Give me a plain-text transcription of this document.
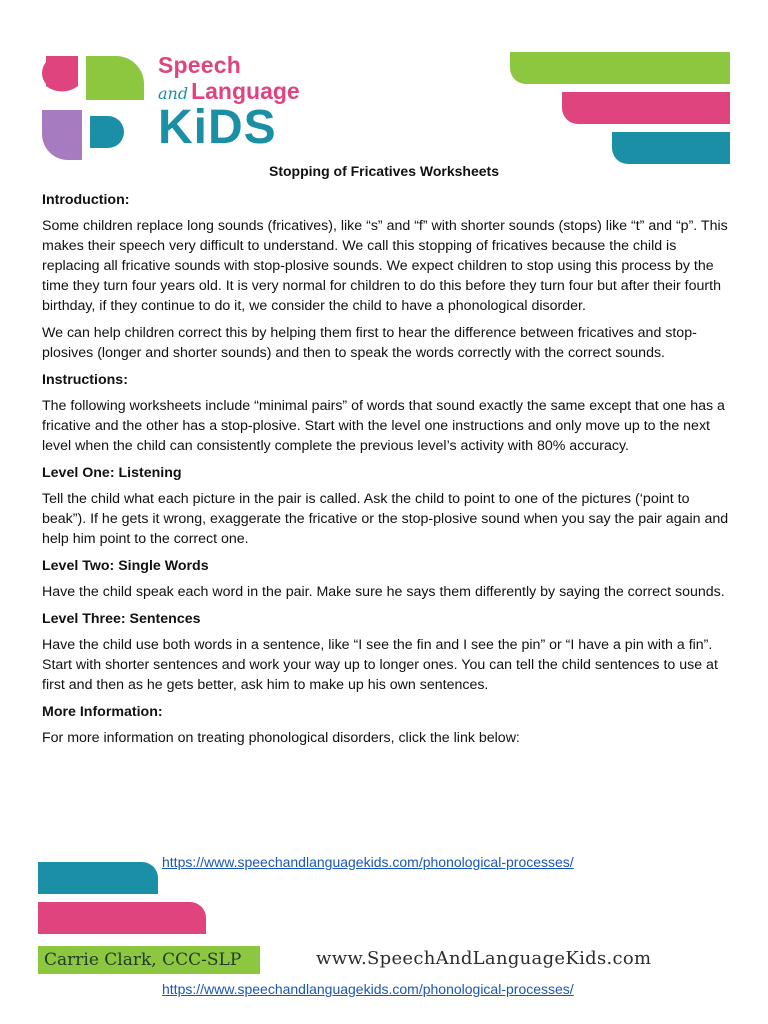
Speech
and Language
KiDS
Stopping of Fricatives Worksheets
Introduction:

Some children replace long sounds (fricatives), like “s” and “f” with shorter sounds (stops) like “t” and “p”. This makes their speech very difficult to understand. We call this stopping of fricatives because the child is replacing all fricative sounds with stop-plosive sounds. We expect children to stop using this process by the time they turn four years old. It is very normal for children to do this before they turn four but after their fourth birthday, if they continue to do it, we consider the child to have a phonological disorder.

We can help children correct this by helping them first to hear the difference between fricatives and stop-plosives (longer and shorter sounds) and then to speak the words correctly with the correct sounds.

Instructions:

The following worksheets include “minimal pairs” of words that sound exactly the same except that one has a fricative and the other has a stop-plosive. Start with the level one instructions and only move up to the next level when the child can consistently complete the previous level’s activity with 80% accuracy.

Level One: Listening

Tell the child what each picture in the pair is called. Ask the child to point to one of the pictures (‘point to beak”). If he gets it wrong, exaggerate the fricative or the stop-plosive sound when you say the pair again and help him point to the correct one.

Level Two: Single Words

Have the child speak each word in the pair. Make sure he says them differently by saying the correct sounds.

Level Three: Sentences

Have the child use both words in a sentence, like “I see the fin and I see the pin” or “I have a pin with a fin”. Start with shorter sentences and work your way up to longer ones. You can tell the child sentences to use at first and then as he gets better, ask him to make up his own sentences.

More Information:

For more information on treating phonological disorders, click the link below:

https://www.speechandlanguagekids.com/phonological-processes/
Carrie Clark, CCC-SLP	www.SpeechAndLanguageKids.com
https://www.speechandlanguagekids.com/phonological-processes/
